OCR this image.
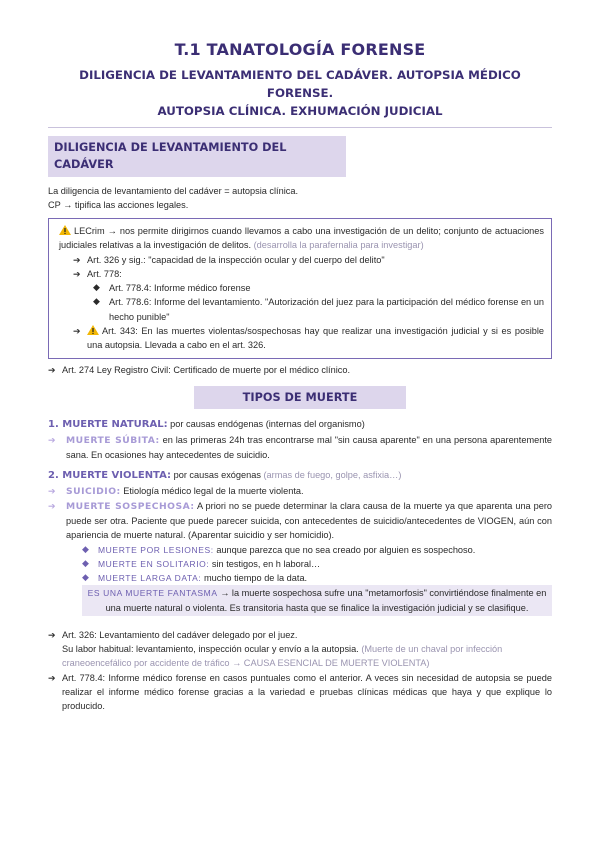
T.1 TANATOLOGÍA FORENSE
DILIGENCIA DE LEVANTAMIENTO DEL CADÁVER. AUTOPSIA MÉDICO FORENSE.
AUTOPSIA CLÍNICA. EXHUMACIÓN JUDICIAL
DILIGENCIA DE LEVANTAMIENTO DEL CADÁVER
La diligencia de levantamiento del cadáver = autopsia clínica.
CP → tipifica las acciones legales.
LECrim → nos permite dirigirnos cuando llevamos a cabo una investigación de un delito; conjunto de actuaciones judiciales relativas a la investigación de delitos. (desarrolla la parafernalia para investigar)
➔ Art. 326 y sig.: "capacidad de la inspección ocular y del cuerpo del delito"
➔ Art. 778:
◆ Art. 778.4: Informe médico forense
◆ Art. 778.6: Informe del levantamiento. "Autorización del juez para la participación del médico forense en un hecho punible"
➔	Art. 343: En las muertes violentas/sospechosas hay que realizar una investigación judicial y si es posible una autopsia. Llevada a cabo en el art. 326.
➔ Art. 274 Ley Registro Civil: Certificado de muerte por el médico clínico.
TIPOS DE MUERTE
1. MUERTE NATURAL: por causas endógenas (internas del organismo)
➔	MUERTE SÚBITA: en las primeras 24h tras encontrarse mal "sin causa aparente" en una persona aparentemente sana. En ocasiones hay antecedentes de suicidio.
2. MUERTE VIOLENTA: por causas exógenas (armas de fuego, golpe, asfixia…)
➔	SUICIDIO: Etiología médico legal de la muerte violenta.
➔	MUERTE SOSPECHOSA: A priori no se puede determinar la clara causa de la muerte ya que aparenta una pero puede ser otra. Paciente que puede parecer suicida, con antecedentes de suicidio/antecedentes de VIOGEN, aún con apariencia de muerte natural. (Aparentar suicidio y ser homicidio).
◆	MUERTE POR LESIONES: aunque parezca que no sea creado por alguien es sospechoso.
◆	MUERTE EN SOLITARIO: sin testigos, en h laboral…
◆	MUERTE LARGA DATA: mucho tiempo de la data.
ES UNA MUERTE FANTASMA → la muerte sospechosa sufre una "metamorfosis" convirtiéndose finalmente en una muerte natural o violenta. Es transitoria hasta que se finalice la investigación judicial y se clasifique.
➔ Art. 326: Levantamiento del cadáver delegado por el juez.
Su labor habitual: levantamiento, inspección ocular y envío a la autopsia. (Muerte de un chaval por infección craneoencefálico por accidente de tráfico → CAUSA ESENCIAL DE MUERTE VIOLENTA)
➔ Art. 778.4: Informe médico forense en casos puntuales como el anterior. A veces sin necesidad de autopsia se puede realizar el informe médico forense gracias a la variedad e pruebas clínicas médicas que haya y que explique lo producido.
